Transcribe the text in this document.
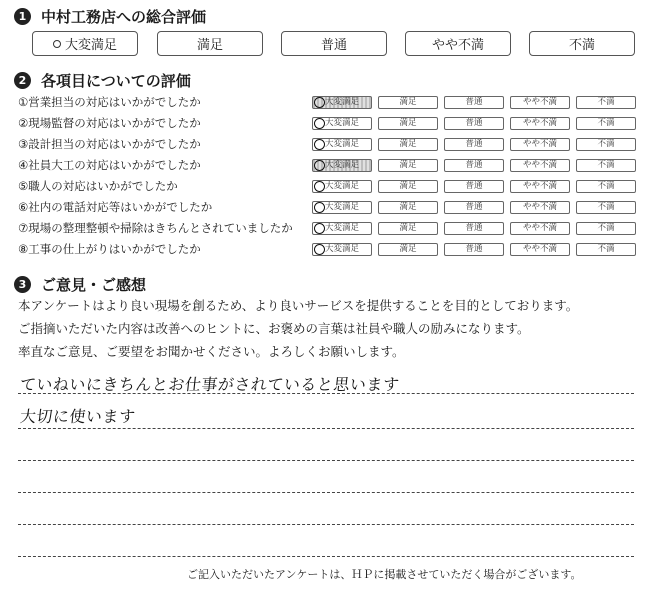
1 中村工務店への総合評価
大変満足	満足	普通	やや不満	不満
2 各項目についての評価
①営業担当の対応はいかがでしたか	大変満足	満足	普通	やや不満	不満
②現場監督の対応はいかがでしたか	大変満足	満足	普通	やや不満	不満
③設計担当の対応はいかがでしたか	大変満足	満足	普通	やや不満	不満
④社員大工の対応はいかがでしたか	大変満足	満足	普通	やや不満	不満
⑤職人の対応はいかがでしたか	大変満足	満足	普通	やや不満	不満
⑥社内の電話対応等はいかがでしたか	大変満足	満足	普通	やや不満	不満
⑦現場の整理整頓や掃除はきちんとされていましたか	大変満足	満足	普通	やや不満	不満
⑧工事の仕上がりはいかがでしたか	大変満足	満足	普通	やや不満	不満
3 ご意見・ご感想
本アンケートはより良い現場を創るため、より良いサービスを提供することを目的としております。
ご指摘いただいた内容は改善へのヒントに、お褒めの言葉は社員や職人の励みになります。
率直なご意見、ご要望をお聞かせください。よろしくお願いします。
ていねいにきちんとお仕事がされていると思います
大切に使います
ご記入いただいたアンケートは、ＨＰに掲載させていただく場合がございます。
